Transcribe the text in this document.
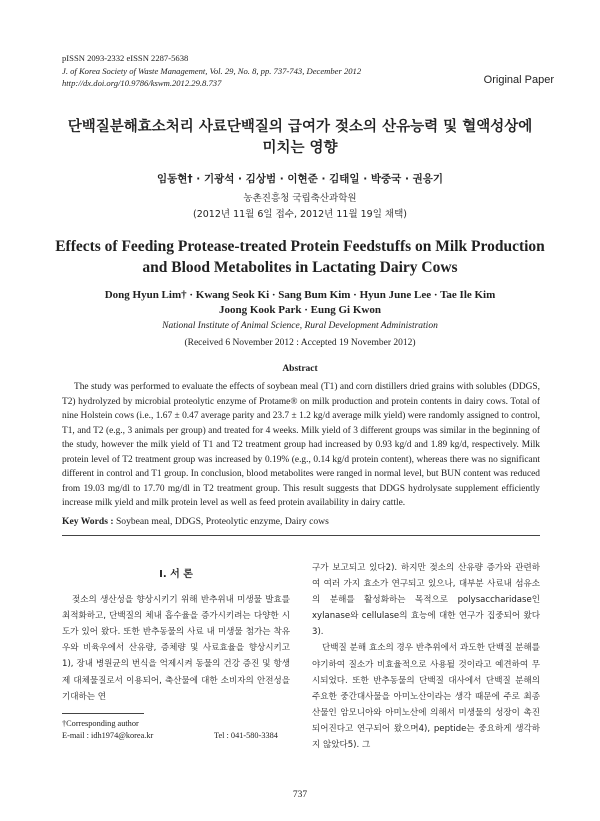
pISSN 2093-2332 eISSN 2287-5638
J. of Korea Society of Waste Management, Vol. 29, No. 8, pp. 737-743, December 2012
http://dx.doi.org/10.9786/kswm.2012.29.8.737	Original Paper
단백질분해효소처리 사료단백질의 급여가 젖소의 산유능력 및 혈액성상에
미치는 영향
임동현† · 기광석 · 김상범 · 이현준 · 김태일 · 박중국 · 권응기
농촌진흥청 국립축산과학원
(2012년 11월 6일 접수, 2012년 11월 19일 채택)
Effects of Feeding Protease-treated Protein Feedstuffs on Milk Production
and Blood Metabolites in Lactating Dairy Cows
Dong Hyun Lim† · Kwang Seok Ki · Sang Bum Kim · Hyun June Lee · Tae Ile Kim
Joong Kook Park · Eung Gi Kwon
National Institute of Animal Science, Rural Development Administration
(Received 6 November 2012 : Accepted 19 November 2012)
Abstract

The study was performed to evaluate the effects of soybean meal (T1) and corn distillers dried grains with solubles (DDGS, T2) hydrolyzed by microbial proteolytic enzyme of Protame® on milk production and protein contents in dairy cows. Total of nine Holstein cows (i.e., 1.67 ± 0.47 average parity and 23.7 ± 1.2 kg/d average milk yield) were randomly assigned to control, T1, and T2 (e.g., 3 animals per group) and treated for 4 weeks. Milk yield of 3 different groups was similar in the beginning of the study, however the milk yield of T1 and T2 treatment group had increased by 0.93 kg/d and 1.89 kg/d, respectively. Milk protein level of T2 treatment group was increased by 0.19% (e.g., 0.14 kg/d protein content), whereas there was no significant different in control and T1 group. In conclusion, blood metabolites were ranged in normal level, but BUN content was reduced from 19.03 mg/dl to 17.70 mg/dl in T2 treatment group. This result suggests that DDGS hydrolysate supplement efficiently increase milk yield and milk protein level as well as feed protein availability in dairy cattle.

Key Words : Soybean meal, DDGS, Proteolytic enzyme, Dairy cows
I. 서 론

젖소의 생산성을 향상시키기 위해 반추위내 미생물 발효를 최적화하고, 단백질의 체내 흡수율을 증가시키려는 다양한 시도가 있어 왔다. 또한 반추동물의 사료 내 미생물 첨가는 착유우와 비육우에서 산유량, 증체량 및 사료효율을 향상시키고1), 장내 병원균의 번식을 억제시켜 동물의 건강 증진 및 항생제 대체물질로서 이용되어, 축산물에 대한 소비자의 안전성을 기대하는 연

구가 보고되고 있다2). 하지만 젖소의 산유량 증가와 관련하여 여러 가지 효소가 연구되고 있으나, 대부분 사료내 섬유소의 분해를 활성화하는 목적으로 polysaccharidase인 xylanase와 cellulase의 효능에 대한 연구가 집중되어 왔다3).

단백질 분해 효소의 경우 반추위에서 과도한 단백질 분해를 야기하여 질소가 비효율적으로 사용될 것이라고 예견하여 무시되었다. 또한 반추동물의 단백질 대사에서 단백질 분해의 주요한 중간대사물을 아미노산이라는 생각 때문에 주로 최종산물인 암모니아와 아미노산에 의해서 미생물의 성장이 촉진되어진다고 연구되어 왔으며4), peptide는 중요하게 생각하지 않았다5). 그

†Corresponding author
E-mail : idh1974@korea.kr	Tel : 041-580-3384
737
